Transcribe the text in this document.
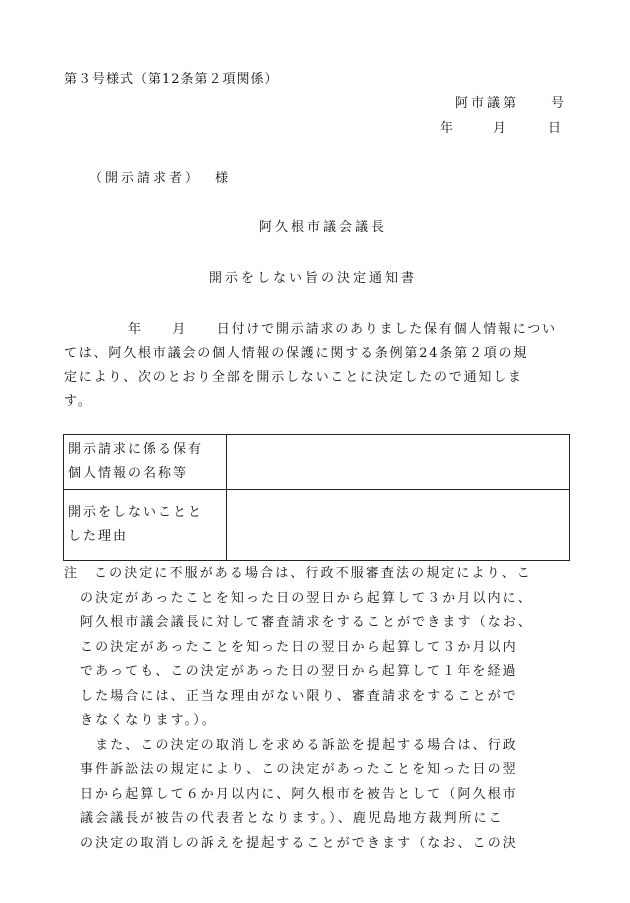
第３号様式（第12条第２項関係）
阿市議第　　号
年	月	日
（開示請求者） 様
阿久根市議会議長
開示をしない旨の決定通知書

年　　月　　日付けで開示請求のありました保有個人情報につい

ては、阿久根市議会の個人情報の保護に関する条例第24条第２項の規

定により、次のとおり全部を開示しないことに決定したので通知しま

す。

開示請求に係る保有
個人情報の名称等	

開示をしないことと
した理由	

注 この決定に不服がある場合は、行政不服審査法の規定により、こ

の決定があったことを知った日の翌日から起算して３か月以内に、

阿久根市議会議長に対して審査請求をすることができます（なお、

この決定があったことを知った日の翌日から起算して３か月以内

であっても、この決定があった日の翌日から起算して１年を経過

した場合には、正当な理由がない限り、審査請求をすることがで

きなくなります。）。

　また、この決定の取消しを求める訴訟を提起する場合は、行政

事件訴訟法の規定により、この決定があったことを知った日の翌

日から起算して６か月以内に、阿久根市を被告として（阿久根市

議会議長が被告の代表者となります。）、鹿児島地方裁判所にこ

の決定の取消しの訴えを提起することができます（なお、この決
